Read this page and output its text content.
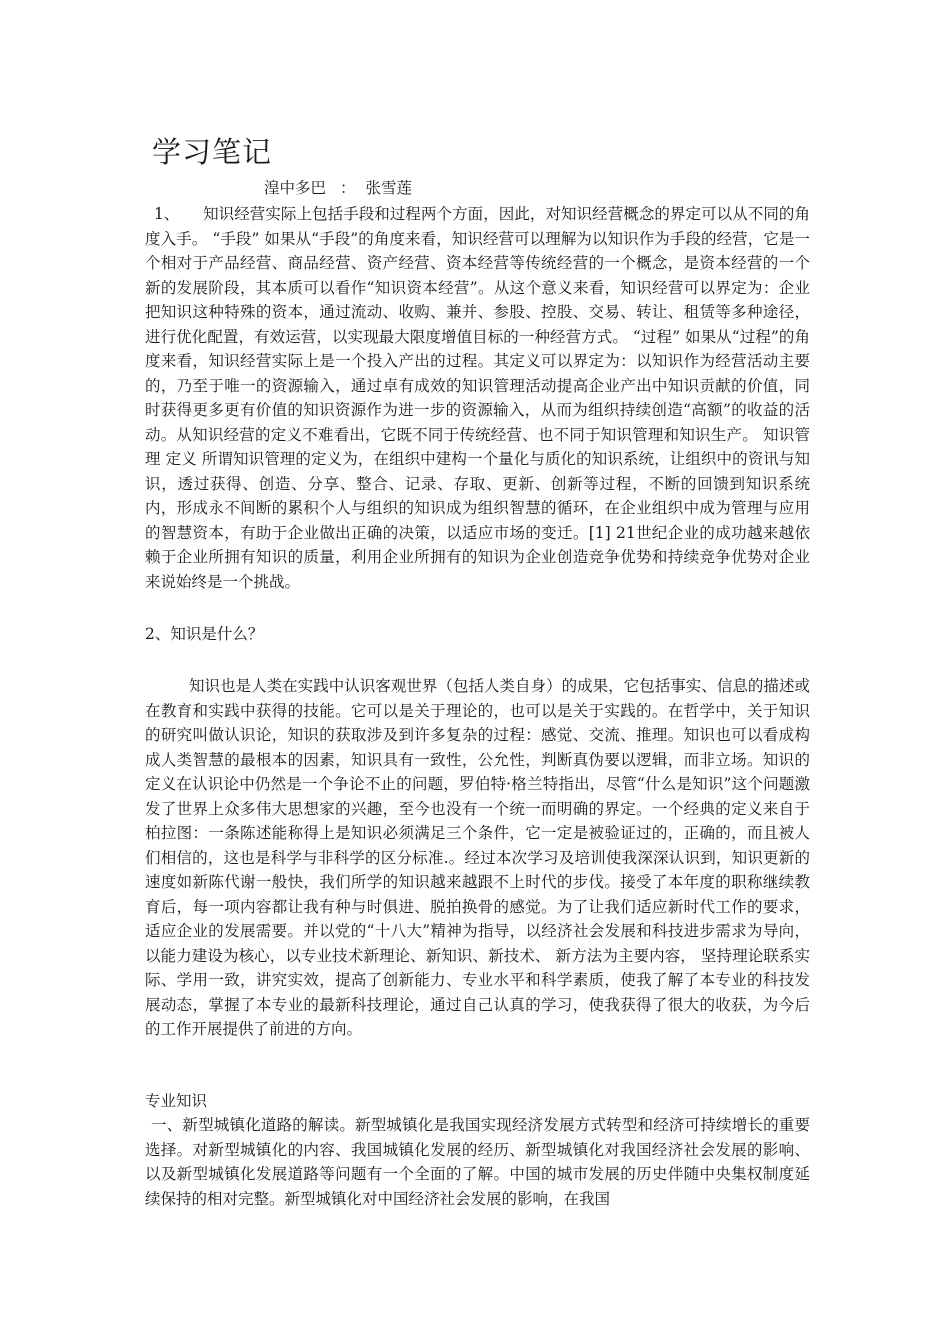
学习笔记
湟中多巴 ： 张雪莲

1、 知识经营实际上包括手段和过程两个方面，因此，对知识经营概念的界定可以从不同的角度入手。 “手段” 如果从“手段”的角度来看，知识经营可以理解为以知识作为手段的经营，它是一个相对于产品经营、商品经营、资产经营、资本经营等传统经营的一个概念，是资本经营的一个新的发展阶段，其本质可以看作“知识资本经营”。从这个意义来看，知识经营可以界定为：企业把知识这种特殊的资本，通过流动、收购、兼并、参股、控股、交易、转让、租赁等多种途径，进行优化配置，有效运营，以实现最大限度增值目标的一种经营方式。 “过程” 如果从“过程”的角度来看，知识经营实际上是一个投入产出的过程。其定义可以界定为：以知识作为经营活动主要的，乃至于唯一的资源输入，通过卓有成效的知识管理活动提高企业产出中知识贡献的价值，同时获得更多更有价值的知识资源作为进一步的资源输入，从而为组织持续创造“高额”的收益的活动。从知识经营的定义不难看出，它既不同于传统经营、也不同于知识管理和知识生产。 知识管理 定义 所谓知识管理的定义为，在组织中建构一个量化与质化的知识系统，让组织中的资讯与知识，透过获得、创造、分享、整合、记录、存取、更新、创新等过程，不断的回馈到知识系统内，形成永不间断的累积个人与组织的知识成为组织智慧的循环，在企业组织中成为管理与应用的智慧资本，有助于企业做出正确的决策，以适应市场的变迁。[1] 21世纪企业的成功越来越依赖于企业所拥有知识的质量，利用企业所拥有的知识为企业创造竞争优势和持续竞争优势对企业来说始终是一个挑战。

2、知识是什么？

知识也是人类在实践中认识客观世界（包括人类自身）的成果，它包括事实、信息的描述或在教育和实践中获得的技能。它可以是关于理论的，也可以是关于实践的。在哲学中，关于知识的研究叫做认识论，知识的获取涉及到许多复杂的过程：感觉、交流、推理。知识也可以看成构成人类智慧的最根本的因素，知识具有一致性，公允性，判断真伪要以逻辑，而非立场。知识的定义在认识论中仍然是一个争论不止的问题，罗伯特·格兰特指出，尽管“什么是知识”这个问题激发了世界上众多伟大思想家的兴趣，至今也没有一个统一而明确的界定。一个经典的定义来自于柏拉图：一条陈述能称得上是知识必须满足三个条件，它一定是被验证过的，正确的，而且被人们相信的，这也是科学与非科学的区分标准.。经过本次学习及培训使我深深认识到，知识更新的速度如新陈代谢一般快，我们所学的知识越来越跟不上时代的步伐。接受了本年度的职称继续教育后，每一项内容都让我有种与时俱进、脱拍换骨的感觉。为了让我们适应新时代工作的要求，适应企业的发展需要。并以党的“十八大”精神为指导，以经济社会发展和科技进步需求为导向，以能力建设为核心，以专业技术新理论、新知识、新技术、 新方法为主要内容， 坚持理论联系实际、学用一致，讲究实效，提高了创新能力、专业水平和科学素质，使我了解了本专业的科技发展动态，掌握了本专业的最新科技理论，通过自己认真的学习，使我获得了很大的收获，为今后的工作开展提供了前进的方向。

专业知识

一、新型城镇化道路的解读。新型城镇化是我国实现经济发展方式转型和经济可持续增长的重要选择。对新型城镇化的内容、我国城镇化发展的经历、新型城镇化对我国经济社会发展的影响、以及新型城镇化发展道路等问题有一个全面的了解。中国的城市发展的历史伴随中央集权制度延续保持的相对完整。新型城镇化对中国经济社会发展的影响，在我国
